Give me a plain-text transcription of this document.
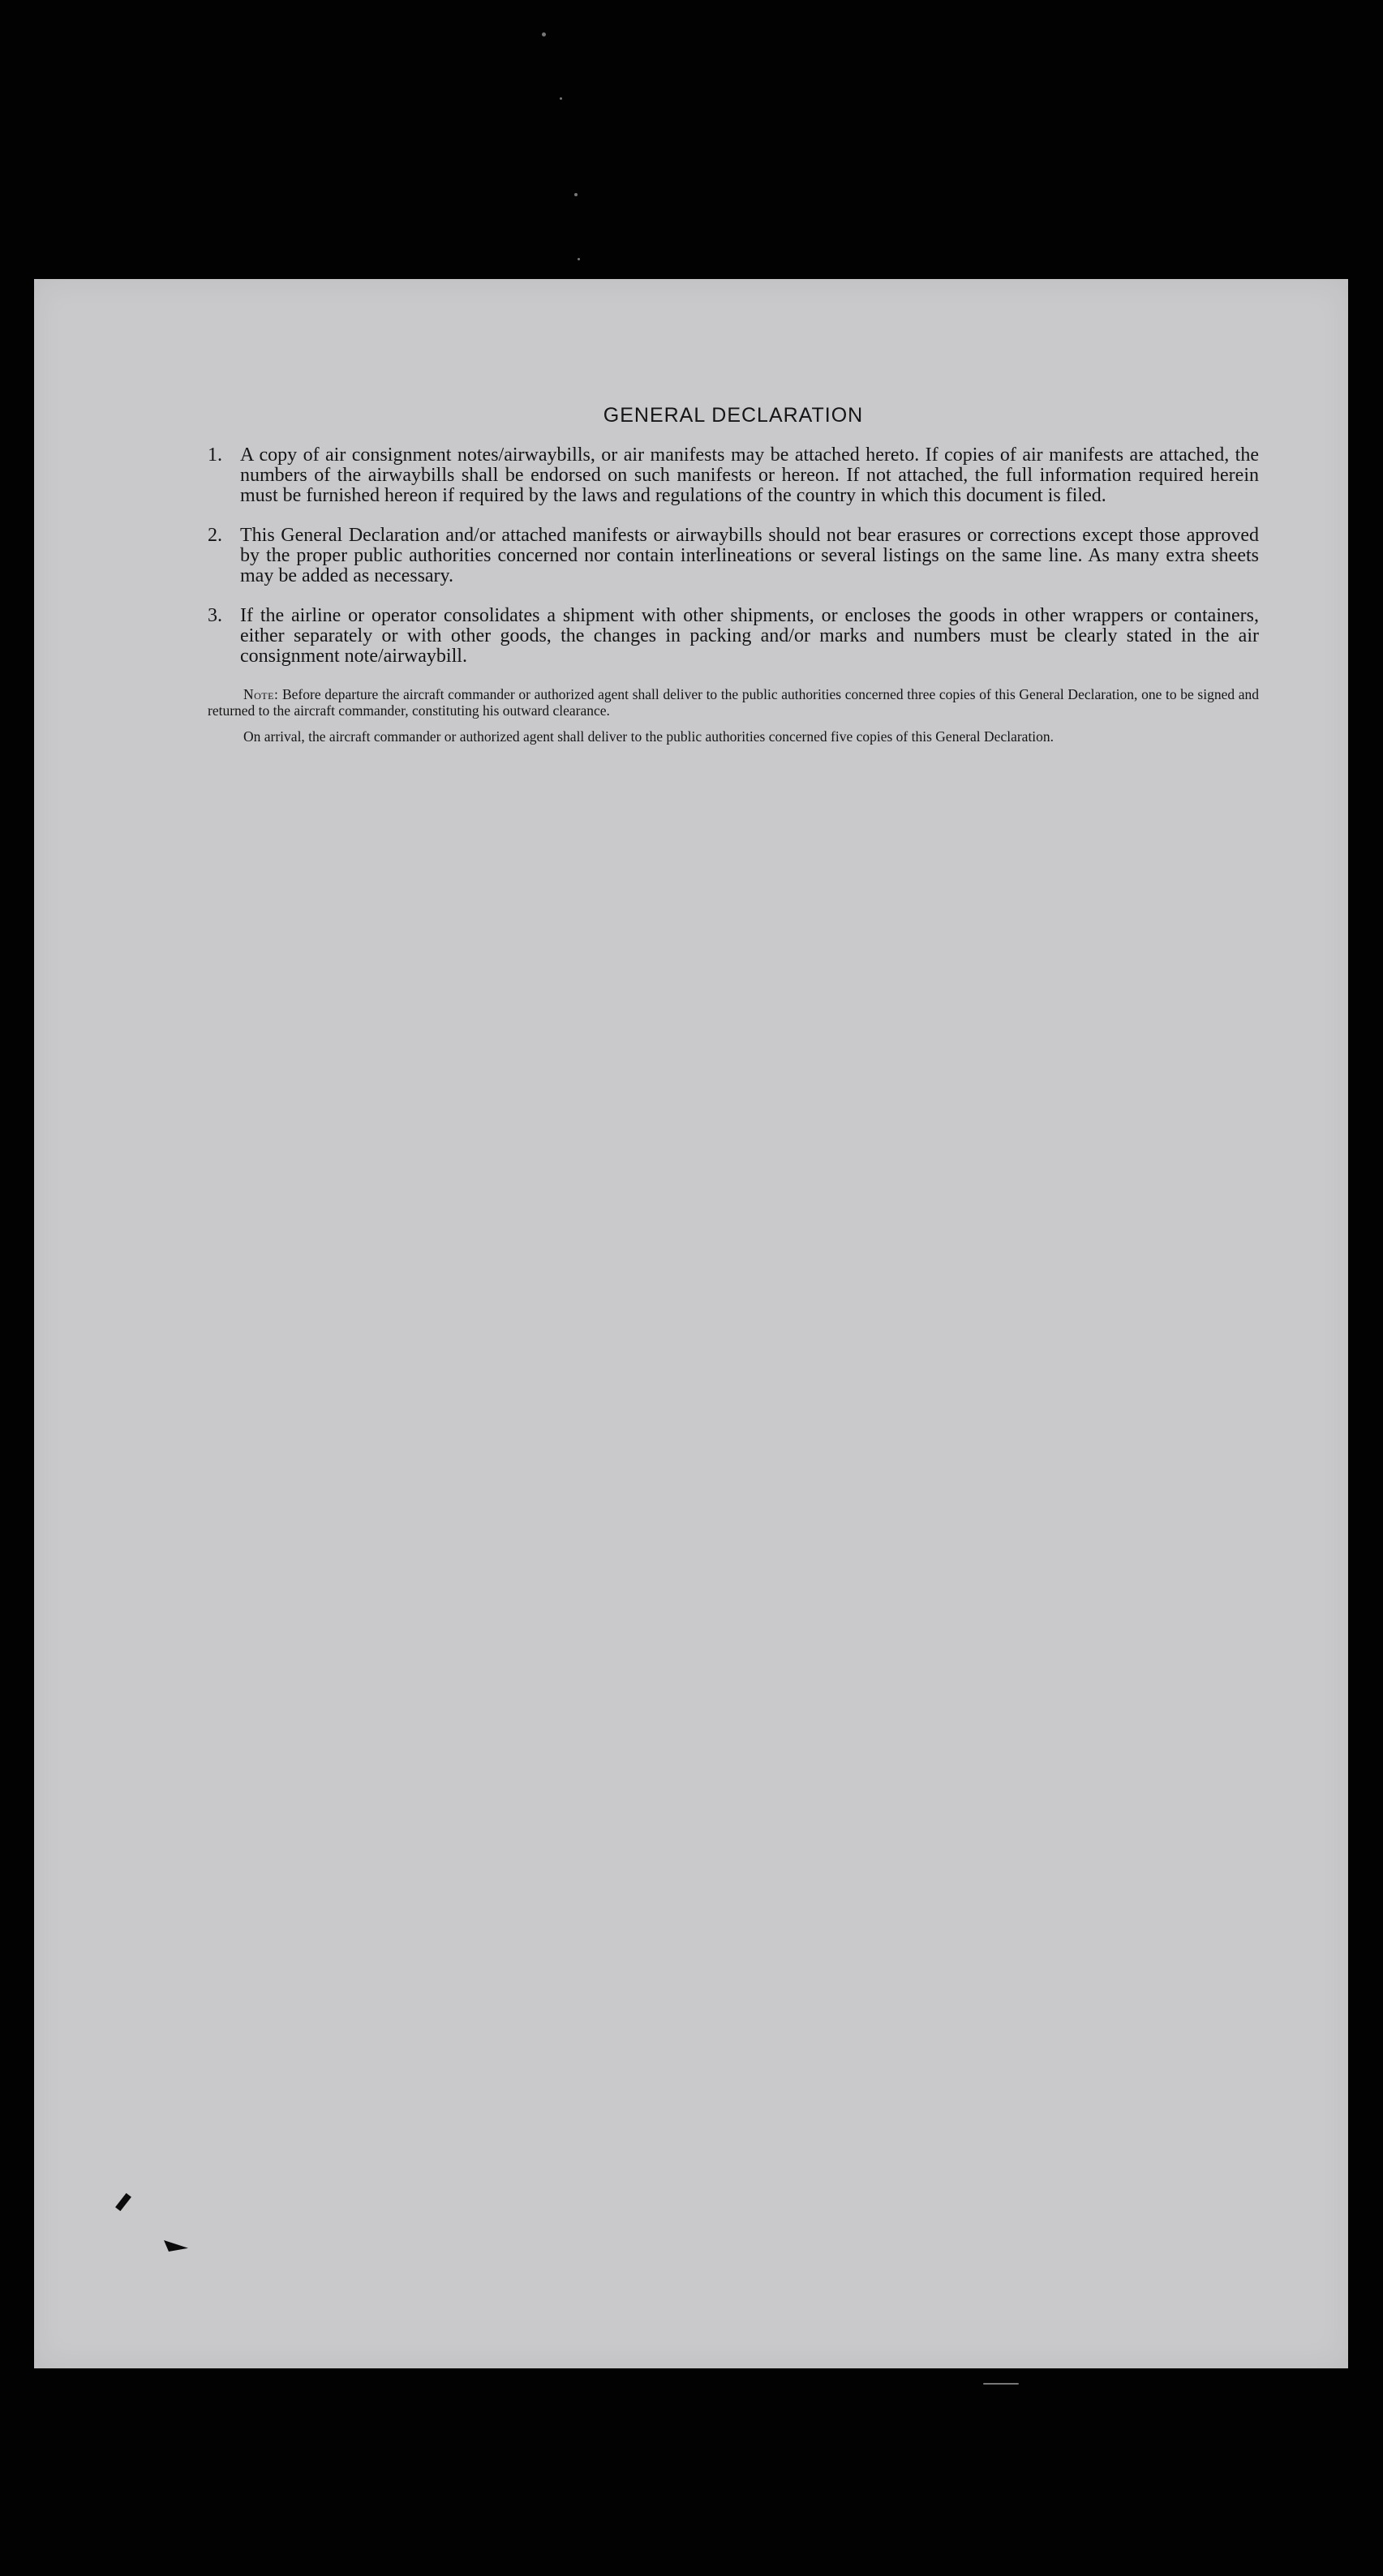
GENERAL DECLARATION
1. A copy of air consignment notes/airwaybills, or air manifests may be attached hereto. If copies of air manifests are attached, the numbers of the airwaybills shall be endorsed on such manifests or hereon. If not attached, the full information required herein must be furnished hereon if required by the laws and regulations of the country in which this document is filed.
2. This General Declaration and/or attached manifests or airwaybills should not bear erasures or corrections except those approved by the proper public authorities concerned nor contain interlineations or several listings on the same line. As many extra sheets may be added as necessary.
3. If the airline or operator consolidates a shipment with other shipments, or encloses the goods in other wrappers or containers, either separately or with other goods, the changes in packing and/or marks and numbers must be clearly stated in the air consignment note/airwaybill.

Note: Before departure the aircraft commander or authorized agent shall deliver to the public authorities concerned three copies of this General Declaration, one to be signed and returned to the aircraft commander, constituting his outward clearance.

On arrival, the aircraft commander or authorized agent shall deliver to the public authorities concerned five copies of this General Declaration.
